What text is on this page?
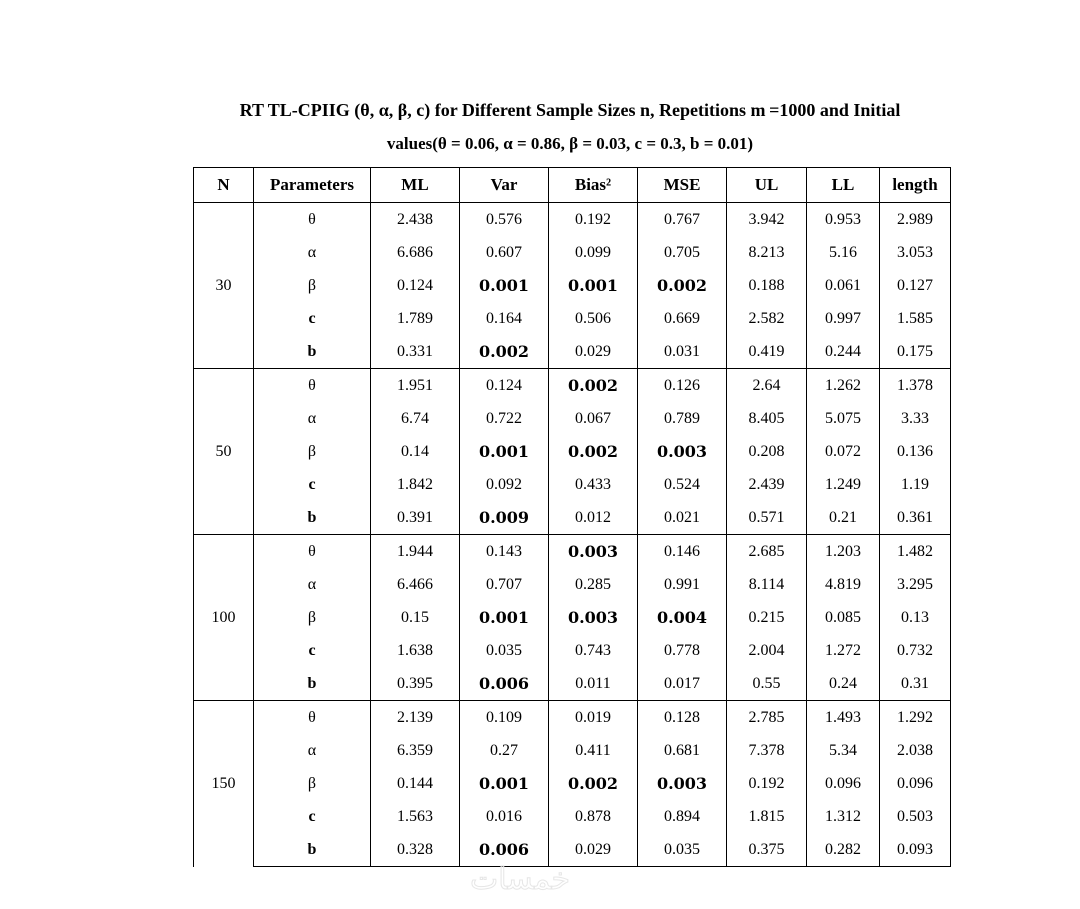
RT TL-CPIIG (θ, α, β, c) for Different Sample Sizes n, Repetitions m =1000 and Initial
values(θ = 0.06, α = 0.86, β = 0.03, c = 0.3, b = 0.01)
N	Parameters	ML	Var	Bias²	MSE	UL	LL	length
30	θ	2.438	0.576	0.192	0.767	3.942	0.953	2.989
	α	6.686	0.607	0.099	0.705	8.213	5.16	3.053
	β	0.124	0.001	0.001	0.002	0.188	0.061	0.127
	c	1.789	0.164	0.506	0.669	2.582	0.997	1.585
	b	0.331	0.002	0.029	0.031	0.419	0.244	0.175
50	θ	1.951	0.124	0.002	0.126	2.64	1.262	1.378
	α	6.74	0.722	0.067	0.789	8.405	5.075	3.33
	β	0.14	0.001	0.002	0.003	0.208	0.072	0.136
	c	1.842	0.092	0.433	0.524	2.439	1.249	1.19
	b	0.391	0.009	0.012	0.021	0.571	0.21	0.361
100	θ	1.944	0.143	0.003	0.146	2.685	1.203	1.482
	α	6.466	0.707	0.285	0.991	8.114	4.819	3.295
	β	0.15	0.001	0.003	0.004	0.215	0.085	0.13
	c	1.638	0.035	0.743	0.778	2.004	1.272	0.732
	b	0.395	0.006	0.011	0.017	0.55	0.24	0.31
150	θ	2.139	0.109	0.019	0.128	2.785	1.493	1.292
	α	6.359	0.27	0.411	0.681	7.378	5.34	2.038
	β	0.144	0.001	0.002	0.003	0.192	0.096	0.096
	c	1.563	0.016	0.878	0.894	1.815	1.312	0.503
	b	0.328	0.006	0.029	0.035	0.375	0.282	0.093
خمسات
